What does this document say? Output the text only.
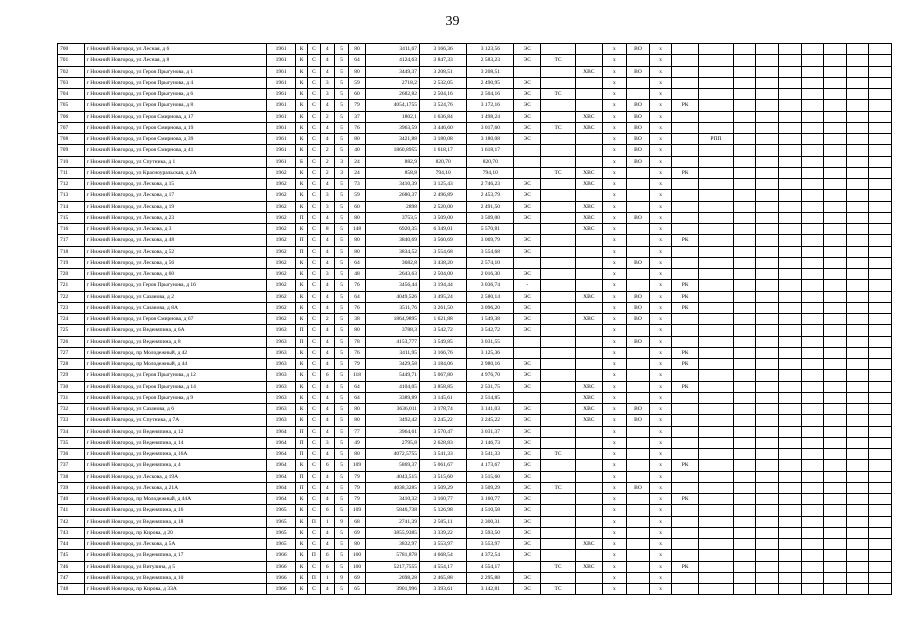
39
700	г Нижний Новгород, ул Лесная, д 6	1961	К	С	4	5	80	3411,67	3 166,36	3 123,56	ЭС			х	ВО	х									
701	г Нижний Новгород, ул Лесная, д 8	1961	К	С	4	5	64	4124,63	3 847,33	2 583,23	ЭС	ТС		х		х									
702	г Нижний Новгород, ул Героя Прыгунова, д 1	1961	К	С	4	5	80	3449,37	3 208,51	3 208,51			ХВС	х	ВО	х									
703	г Нижний Новгород, ул Героя Прыгунова, д 4	1961	К	С	3	5	59	2718,2	2 532,05	2 490,95	ЭС			х		х									
704	г Нижний Новгород, ул Героя Прыгунова, д 6	1961	К	С	3	5	60	2682,82	2 504,16	2 504,16	ЭС	ТС		х		х									
705	г Нижний Новгород, ул Героя Прыгунова, д 8	1961	К	С	4	5	79	4054,1755	3 524,76	3 172,16	ЭС			х	ВО	х	РК								
706	г Нижний Новгород, ул Героя Смирнова, д 17	1961	К	С	2	5	37	1802,1	1 636,84	1 498,24	ЭС		ХВС	х	ВО	х									
707	г Нижний Новгород, ул Героя Смирнова, д 19	1961	К	С	4	5	76	3963,59	3 446,60	3 017,60	ЭС	ТС	ХВС	х	ВО	х									
708	г Нижний Новгород, ул Героя Смирнова, д 39	1961	К	С	4	5	80	3421,88	3 180,08	3 180,08	ЭС			х	ВО	х		РПП							
709	г Нижний Новгород, ул Героя Смирнова, д 41	1961	К	С	2	5	40	1860,8955	1 618,17	1 618,17				х	ВО	х									
710	г Нижний Новгород, ул Спутника, д 1	1961	Б	С	2	3	24	882,9	820,70	820,70				х	ВО	х									
711	г Нижний Новгород, ул Красноуральская, д 2А	1962	К	С	2	3	24	858,8	794,10	794,10		ТС	ХВС	х		х	РК								
712	г Нижний Новгород, ул Лескова, д 15	1962	К	С	4	5	73	3410,39	3 125,43	2 746,23	ЭС		ХВС	х		х									
713	г Нижний Новгород, ул Лескова, д 17	1962	К	С	3	5	59	2680,37	2 496,89	2 453,79	ЭС			х		х									
714	г Нижний Новгород, ул Лескова, д 19	1962	К	С	3	5	60	2898	2 520,00	2 491,50	ЭС		ХВС	х		х									
715	г Нижний Новгород, ул Лескова, д 23	1962	П	С	4	5	80	3753,5	3 509,00	3 509,00	ЭС		ХВС	х	ВО	х									
716	г Нижний Новгород, ул Лескова, д 3	1962	К	С	8	5	148	6920,35	6 349,01	5 570,81			ХВС	х		х									
717	г Нижний Новгород, ул Лескова, д 48	1962	П	С	4	5	80	3840,69	3 560,69	3 069,79	ЭС			х		х	РК								
718	г Нижний Новгород, ул Лескова, д 52	1962	П	С	4	5	80	3834,52	3 554,68	3 554,68	ЭС			х		х									
719	г Нижний Новгород, ул Лескова, д 56	1962	К	С	4	5	64	3682,8	3 438,20	2 574,10				х	ВО	х									
720	г Нижний Новгород, ул Лескова, д 60	1962	К	С	3	5	48	2643,63	2 504,00	2 016,30	ЭС			х		х									
721	г Нижний Новгород, ул Героя Прыгунова, д 16	1962	К	С	4	5	76	3456,44	3 194,44	3 036,74	-			х		х	РК								
722	г Нижний Новгород, ул Сазанова, д 2	1962	К	С	4	5	64	4049,526	3 495,24	2 580,14	ЭС		ХВС	х	ВО	х	РК								
723	г Нижний Новгород, ул Сазанова, д 8А	1962	К	С	4	5	76	3511,76	3 261,50	3 096,20	ЭС			х	ВО	х	РК								
724	г Нижний Новгород, ул Героя Смирнова, д 67	1962	К	С	2	5	38	1864,9895	1 621,88	1 549,38	ЭС		ХВС	х	ВО	х									
725	г Нижний Новгород, ул Веденяпина, д 6А	1963	П	С	4	5	80	3788,3	3 542,72	3 542,72	ЭС			х		х									
726	г Нижний Новгород, ул Веденяпина, д 8	1963	П	С	4	5	78	4153,777	3 549,85	3 031,55				х	ВО	х									
727	г Нижний Новгород, пр Молодежный, д 42	1963	К	С	4	5	76	3411,95	3 166,76	3 125,36				х		х	РК								
728	г Нижний Новгород, пр Молодежный, д 44	1963	К	С	4	5	79	3429,58	3 184,06	2 980,16	ЭС			х		х	РК								
729	г Нижний Новгород, ул Героя Прыгунова, д 12	1963	К	С	6	5	118	5449,71	5 067,80	4 976,70	ЭС			х		х									
730	г Нижний Новгород, ул Героя Прыгунова, д 14	1963	К	С	4	5	64	4104,05	3 858,85	2 531,75	ЭС		ХВС	х		х	РК								
731	г Нижний Новгород, ул Героя Прыгунова, д 9	1963	К	С	4	5	64	3389,89	3 145,61	2 514,85			ХВС	х		х									
732	г Нижний Новгород, ул Сазанова, д 6	1963	К	С	4	5	80	3636,011	3 178,74	3 141,03	ЭС		ХВС	х	ВО	х									
733	г Нижний Новгород, ул Спутника, д 7А	1963	К	С	4	5	80	3492,42	3 245,22	3 245,22	ЭС		ХВС	х	ВО	х									
734	г Нижний Новгород, ул Веденяпина, д 12	1964	П	С	4	5	77	3964,61	3 570,47	3 031,37	ЭС			х		х									
735	г Нижний Новгород, ул Веденяпина, д 14	1964	П	С	3	5	49	2795,8	2 628,83	2 146,73	ЭС			х		х									
736	г Нижний Новгород, ул Веденяпина, д 16А	1964	П	С	4	5	80	4072,5755	3 541,33	3 541,33	ЭС	ТС		х		х									
737	г Нижний Новгород, ул Веденяпина, д 4	1964	К	С	6	5	109	5869,37	5 061,67	4 173,67	ЭС			х		х	РК								
738	г Нижний Новгород, ул Лескова, д 19А	1964	П	С	4	5	79	4043,515	3 515,60	3 515,60	ЭС			х		х									
739	г Нижний Новгород, ул Лескова, д 21А	1964	П	С	4	5	79	4038,3285	3 509,29	3 509,29	ЭС	ТС		х	ВО	х									
740	г Нижний Новгород, пр Молодежный, д 44А	1964	К	С	4	5	79	3410,32	3 160,77	3 160,77	ЭС			х		х	РК								
741	г Нижний Новгород, ул Веденяпина, д 16	1965	К	С	6	5	109	5846,738	5 126,98	4 510,58	ЭС			х		х									
742	г Нижний Новгород, ул Веденяпина, д 18	1965	К	П	1	9	68	2741,39	2 505,11	2 300,31	ЭС			х		х									
743	г Нижний Новгород, пр Кирова, д 20	1965	К	С	4	5	69	3855,9385	3 339,22	2 593,50	ЭС			х		х									
744	г Нижний Новгород, ул Лескова, д 5А	1965	К	С	4	5	80	3832,97	3 553,97	3 553,97	ЭС		ХВС	х		х									
745	г Нижний Новгород, ул Веденяпина, д 17	1966	К	П	6	5	100	5781,878	4 668,54	4 372,54	ЭС			х		х									
746	г Нижний Новгород, ул Витулина, д 5	1966	К	С	6	5	100	5217,7555	4 554,17	4 554,17		ТС	ХВС	х		х	РК								
747	г Нижний Новгород, ул Веденяпина, д 10	1966	К	П	1	9	69	2698,28	2 465,88	2 295,88	ЭС			х		х									
748	г Нижний Новгород, пр Кирова, д 33А	1966	К	С	4	5	65	3901,996	3 393,61	3 142,81	ЭС	ТС		х		х									
